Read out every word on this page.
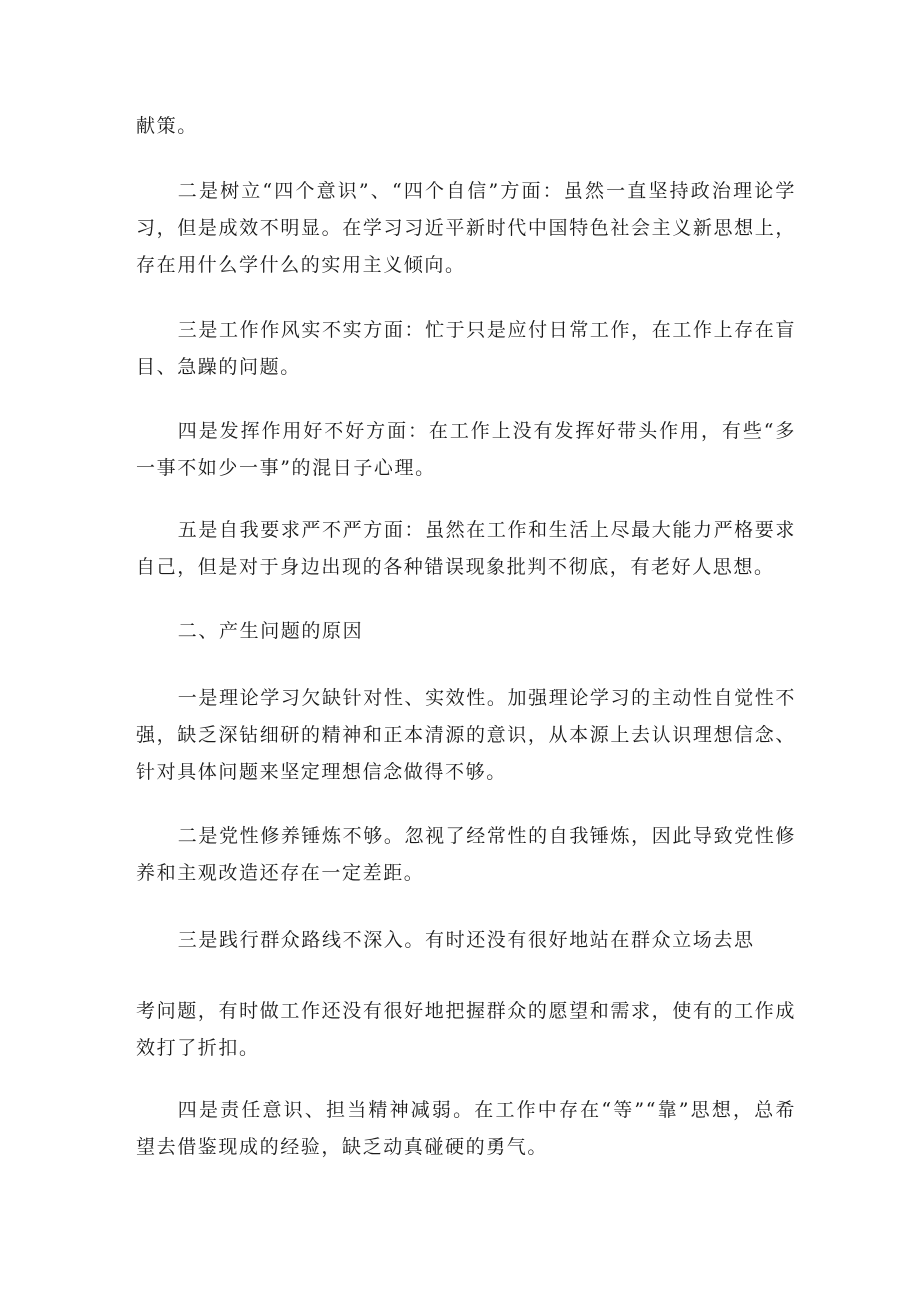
献策。

二是树立“四个意识”、“四个自信”方面：虽然一直坚持政治理论学习，但是成效不明显。在学习习近平新时代中国特色社会主义新思想上，存在用什么学什么的实用主义倾向。

三是工作作风实不实方面：忙于只是应付日常工作，在工作上存在盲目、急躁的问题。

四是发挥作用好不好方面：在工作上没有发挥好带头作用，有些“多一事不如少一事”的混日子心理。

五是自我要求严不严方面：虽然在工作和生活上尽最大能力严格要求自己，但是对于身边出现的各种错误现象批判不彻底，有老好人思想。

二、产生问题的原因

一是理论学习欠缺针对性、实效性。加强理论学习的主动性自觉性不强，缺乏深钻细研的精神和正本清源的意识，从本源上去认识理想信念、针对具体问题来坚定理想信念做得不够。

二是党性修养锤炼不够。忽视了经常性的自我锤炼，因此导致党性修养和主观改造还存在一定差距。

三是践行群众路线不深入。有时还没有很好地站在群众立场去思

考问题，有时做工作还没有很好地把握群众的愿望和需求，使有的工作成效打了折扣。

四是责任意识、担当精神减弱。在工作中存在“等”“靠”思想，总希望去借鉴现成的经验，缺乏动真碰硬的勇气。
